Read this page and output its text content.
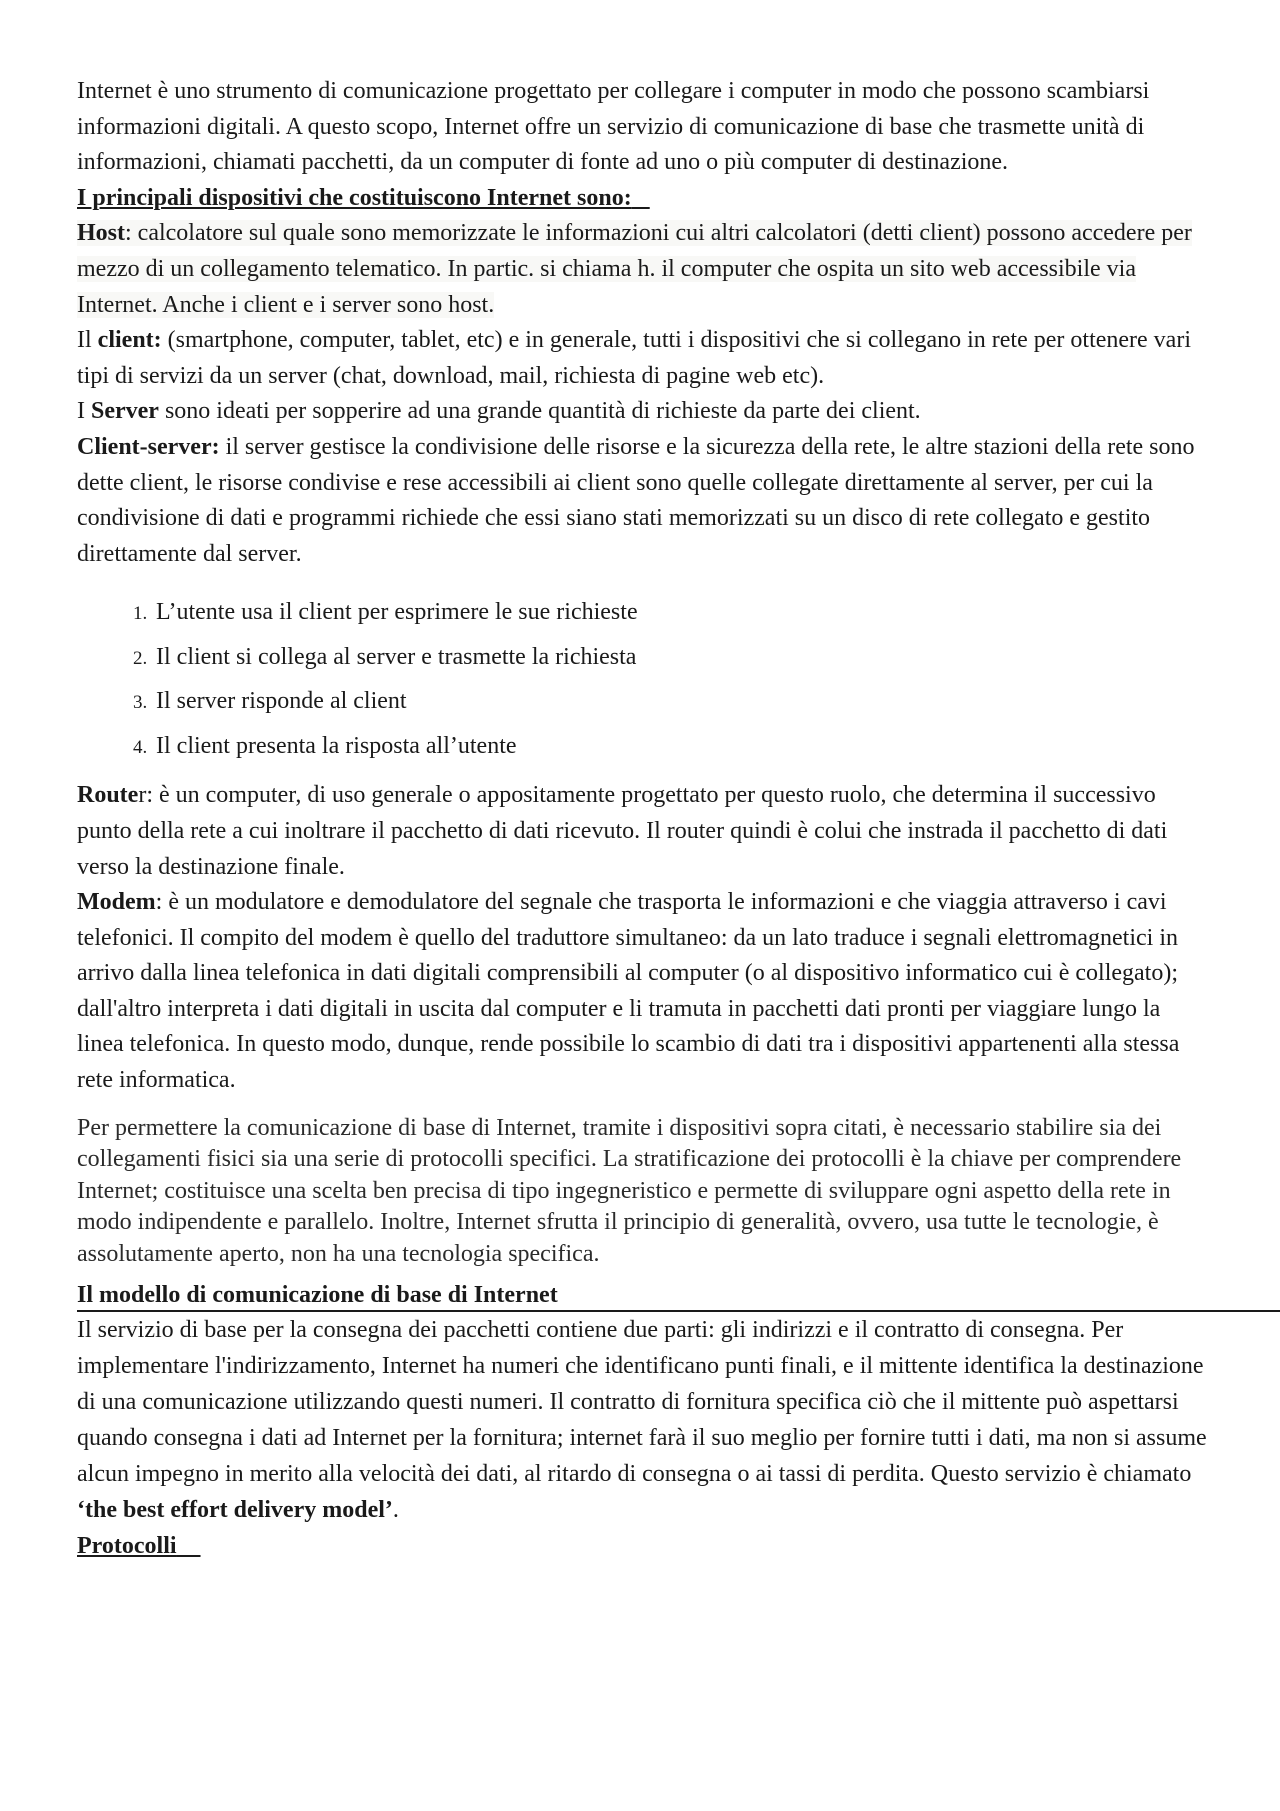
Internet è uno strumento di comunicazione progettato per collegare i computer in modo che possono scambiarsi informazioni digitali. A questo scopo, Internet offre un servizio di comunicazione di base che trasmette unità di informazioni, chiamati pacchetti, da un computer di fonte ad uno o più computer di destinazione.

I principali dispositivi che costituiscono Internet sono:

Host: calcolatore sul quale sono memorizzate le informazioni cui altri calcolatori (detti client) possono accedere per mezzo di un collegamento telematico. In partic. si chiama h. il computer che ospita un sito web accessibile via Internet. Anche i client e i server sono host.

Il client: (smartphone, computer, tablet, etc) e in generale, tutti i dispositivi che si collegano in rete per ottenere vari tipi di servizi da un server (chat, download, mail, richiesta di pagine web etc).

I Server sono ideati per sopperire ad una grande quantità di richieste da parte dei client.

Client-server: il server gestisce la condivisione delle risorse e la sicurezza della rete, le altre stazioni della rete sono dette client, le risorse condivise e rese accessibili ai client sono quelle collegate direttamente al server, per cui la condivisione di dati e programmi richiede che essi siano stati memorizzati su un disco di rete collegato e gestito direttamente dal server.

1. L’utente usa il client per esprimere le sue richieste
2. Il client si collega al server e trasmette la richiesta
3. Il server risponde al client
4. Il client presenta la risposta all’utente

Router: è un computer, di uso generale o appositamente progettato per questo ruolo, che determina il successivo punto della rete a cui inoltrare il pacchetto di dati ricevuto. Il router quindi è colui che instrada il pacchetto di dati verso la destinazione finale.

Modem: è un modulatore e demodulatore del segnale che trasporta le informazioni e che viaggia attraverso i cavi telefonici. Il compito del modem è quello del traduttore simultaneo: da un lato traduce i segnali elettromagnetici in arrivo dalla linea telefonica in dati digitali comprensibili al computer (o al dispositivo informatico cui è collegato); dall'altro interpreta i dati digitali in uscita dal computer e li tramuta in pacchetti dati pronti per viaggiare lungo la linea telefonica. In questo modo, dunque, rende possibile lo scambio di dati tra i dispositivi appartenenti alla stessa rete informatica.

Per permettere la comunicazione di base di Internet, tramite i dispositivi sopra citati, è necessario stabilire sia dei collegamenti fisici sia una serie di protocolli specifici. La stratificazione dei protocolli è la chiave per comprendere Internet; costituisce una scelta ben precisa di tipo ingegneristico e permette di sviluppare ogni aspetto della rete in modo indipendente e parallelo. Inoltre, Internet sfrutta il principio di generalità, ovvero, usa tutte le tecnologie, è assolutamente aperto, non ha una tecnologia specifica.

Il modello di comunicazione di base di Internet

Il servizio di base per la consegna dei pacchetti contiene due parti: gli indirizzi e il contratto di consegna. Per implementare l'indirizzamento, Internet ha numeri che identificano punti finali, e il mittente identifica la destinazione di una comunicazione utilizzando questi numeri. Il contratto di fornitura specifica ciò che il mittente può aspettarsi quando consegna i dati ad Internet per la fornitura; internet farà il suo meglio per fornire tutti i dati, ma non si assume alcun impegno in merito alla velocità dei dati, al ritardo di consegna o ai tassi di perdita. Questo servizio è chiamato
‘the best effort delivery model’.

Protocolli
